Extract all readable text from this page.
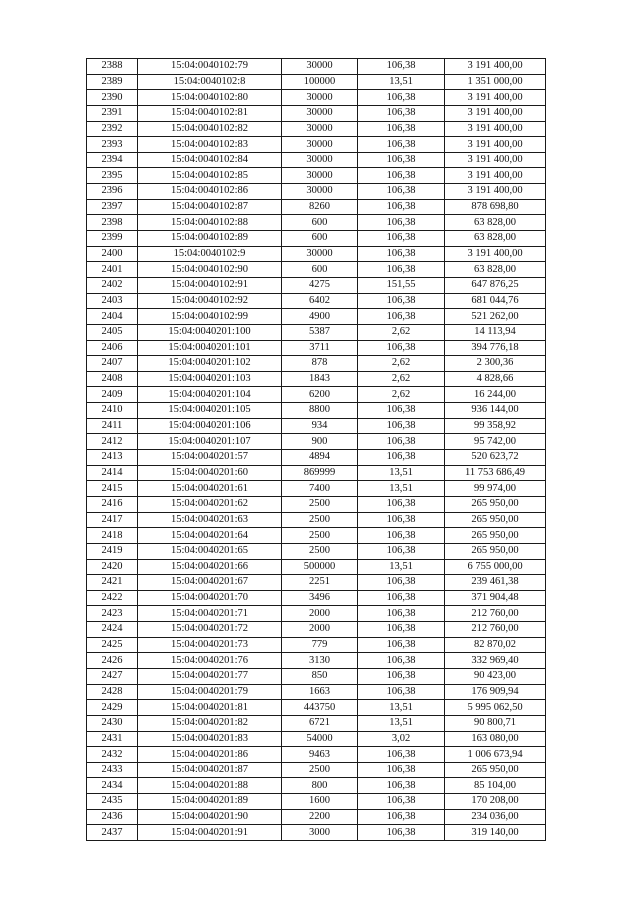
2388	15:04:0040102:79	30000	106,38	3 191 400,00
2389	15:04:0040102:8	100000	13,51	1 351 000,00
2390	15:04:0040102:80	30000	106,38	3 191 400,00
2391	15:04:0040102:81	30000	106,38	3 191 400,00
2392	15:04:0040102:82	30000	106,38	3 191 400,00
2393	15:04:0040102:83	30000	106,38	3 191 400,00
2394	15:04:0040102:84	30000	106,38	3 191 400,00
2395	15:04:0040102:85	30000	106,38	3 191 400,00
2396	15:04:0040102:86	30000	106,38	3 191 400,00
2397	15:04:0040102:87	8260	106,38	878 698,80
2398	15:04:0040102:88	600	106,38	63 828,00
2399	15:04:0040102:89	600	106,38	63 828,00
2400	15:04:0040102:9	30000	106,38	3 191 400,00
2401	15:04:0040102:90	600	106,38	63 828,00
2402	15:04:0040102:91	4275	151,55	647 876,25
2403	15:04:0040102:92	6402	106,38	681 044,76
2404	15:04:0040102:99	4900	106,38	521 262,00
2405	15:04:0040201:100	5387	2,62	14 113,94
2406	15:04:0040201:101	3711	106,38	394 776,18
2407	15:04:0040201:102	878	2,62	2 300,36
2408	15:04:0040201:103	1843	2,62	4 828,66
2409	15:04:0040201:104	6200	2,62	16 244,00
2410	15:04:0040201:105	8800	106,38	936 144,00
2411	15:04:0040201:106	934	106,38	99 358,92
2412	15:04:0040201:107	900	106,38	95 742,00
2413	15:04:0040201:57	4894	106,38	520 623,72
2414	15:04:0040201:60	869999	13,51	11 753 686,49
2415	15:04:0040201:61	7400	13,51	99 974,00
2416	15:04:0040201:62	2500	106,38	265 950,00
2417	15:04:0040201:63	2500	106,38	265 950,00
2418	15:04:0040201:64	2500	106,38	265 950,00
2419	15:04:0040201:65	2500	106,38	265 950,00
2420	15:04:0040201:66	500000	13,51	6 755 000,00
2421	15:04:0040201:67	2251	106,38	239 461,38
2422	15:04:0040201:70	3496	106,38	371 904,48
2423	15:04:0040201:71	2000	106,38	212 760,00
2424	15:04:0040201:72	2000	106,38	212 760,00
2425	15:04:0040201:73	779	106,38	82 870,02
2426	15:04:0040201:76	3130	106,38	332 969,40
2427	15:04:0040201:77	850	106,38	90 423,00
2428	15:04:0040201:79	1663	106,38	176 909,94
2429	15:04:0040201:81	443750	13,51	5 995 062,50
2430	15:04:0040201:82	6721	13,51	90 800,71
2431	15:04:0040201:83	54000	3,02	163 080,00
2432	15:04:0040201:86	9463	106,38	1 006 673,94
2433	15:04:0040201:87	2500	106,38	265 950,00
2434	15:04:0040201:88	800	106,38	85 104,00
2435	15:04:0040201:89	1600	106,38	170 208,00
2436	15:04:0040201:90	2200	106,38	234 036,00
2437	15:04:0040201:91	3000	106,38	319 140,00
